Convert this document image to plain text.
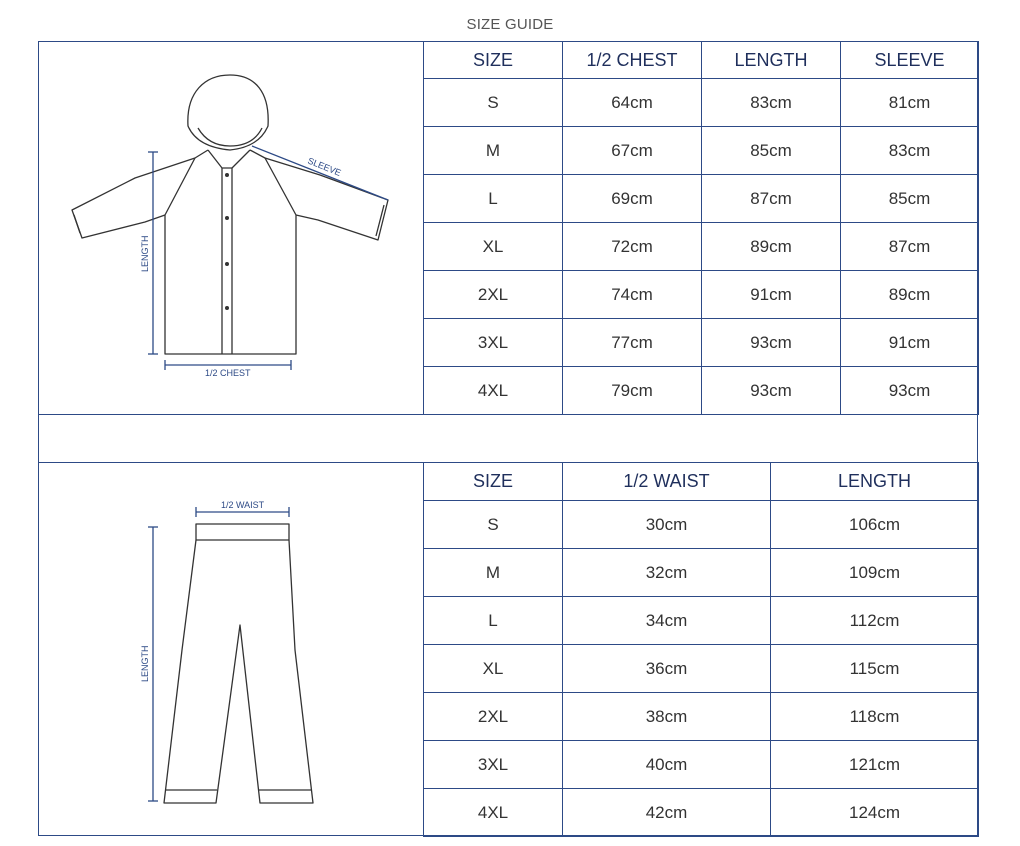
SIZE GUIDE
LENGTH
1/2 CHEST
SLEEVE
SIZE	1/2 CHEST	LENGTH	SLEEVE
S	64cm	83cm	81cm
M	67cm	85cm	83cm
L	69cm	87cm	85cm
XL	72cm	89cm	87cm
2XL	74cm	91cm	89cm
3XL	77cm	93cm	91cm
4XL	79cm	93cm	93cm
1/2 WAIST
LENGTH
SIZE	1/2 WAIST	LENGTH
S	30cm	106cm
M	32cm	109cm
L	34cm	112cm
XL	36cm	115cm
2XL	38cm	118cm
3XL	40cm	121cm
4XL	42cm	124cm
